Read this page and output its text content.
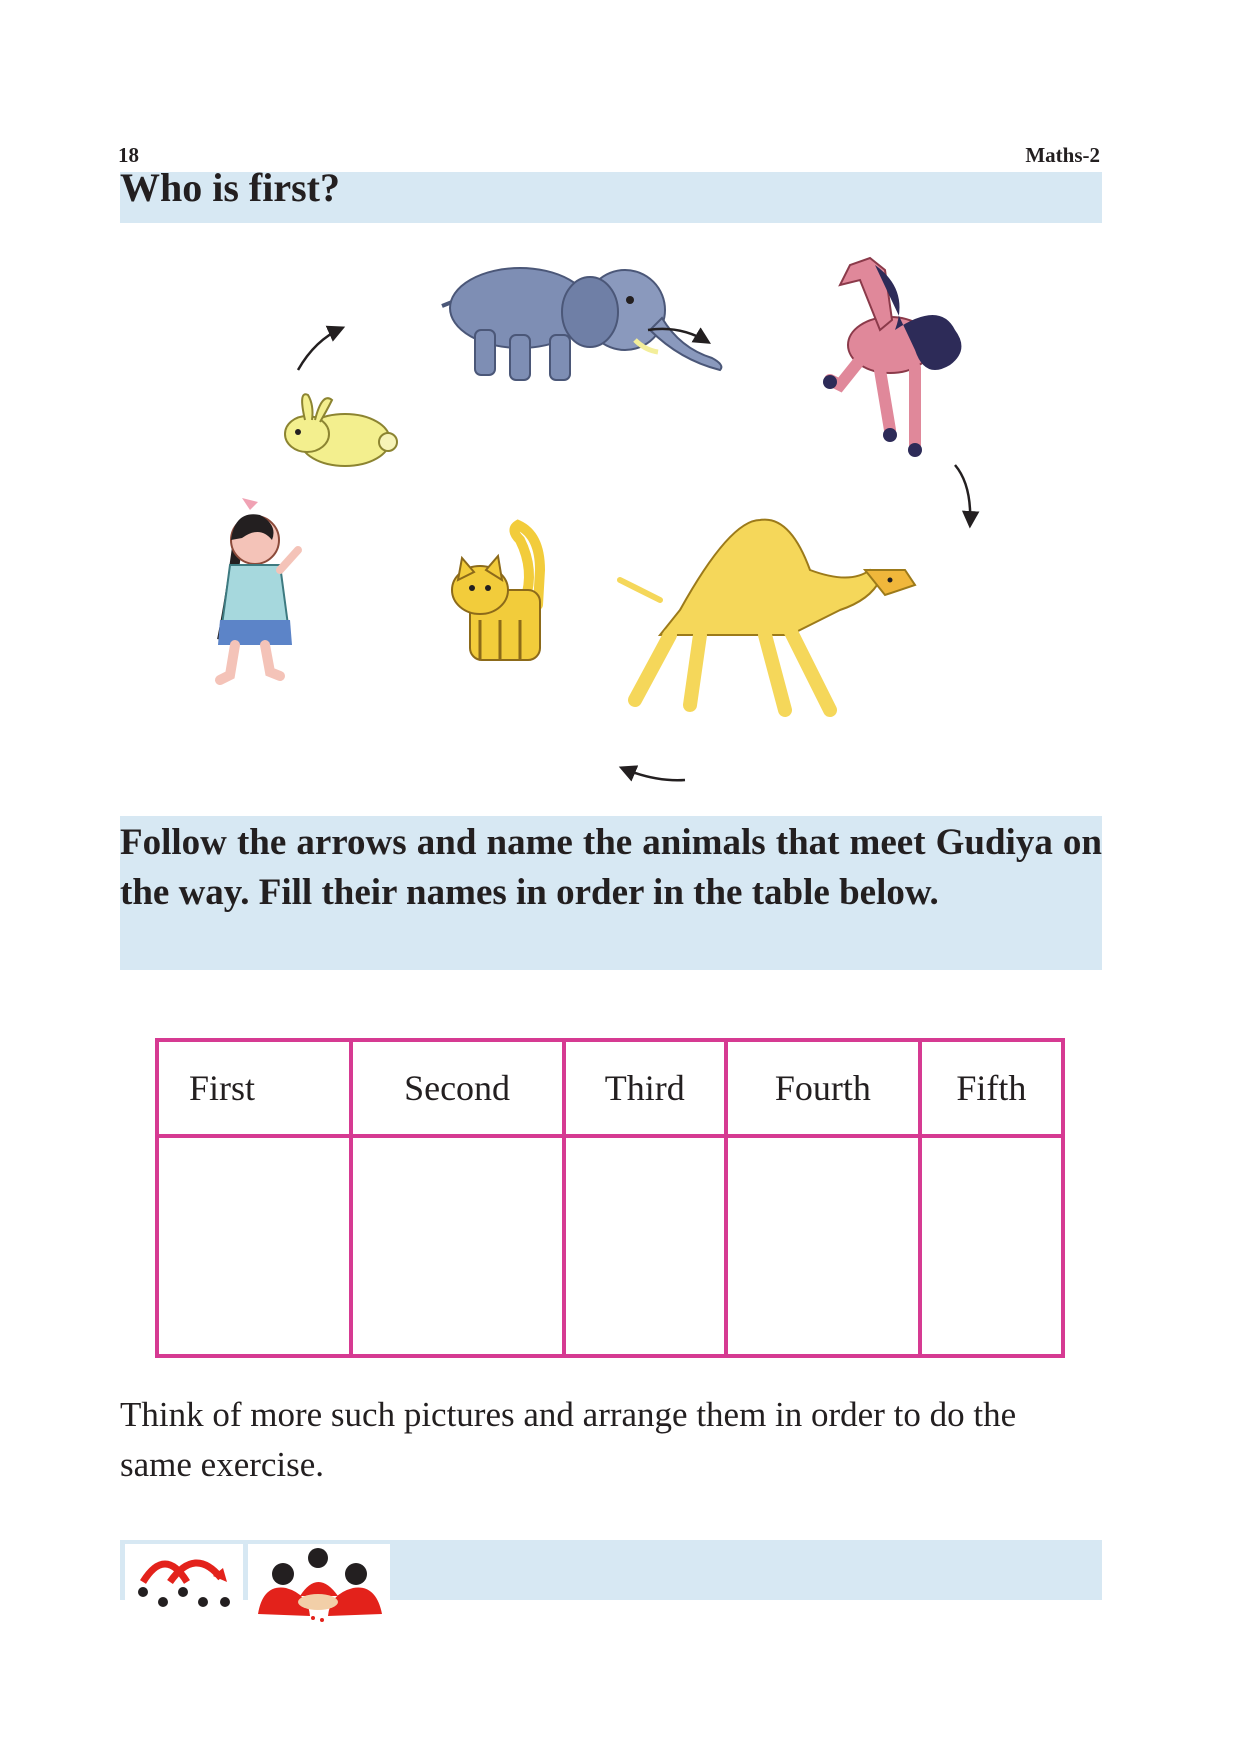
18	Maths-2
Who is first?
Follow the arrows and name the animals that meet Gudiya on the way. Fill their names in order in the table below.
First	Second	Third	Fourth	Fifth

Think of more such pictures and arrange them in order to do the same exercise.
